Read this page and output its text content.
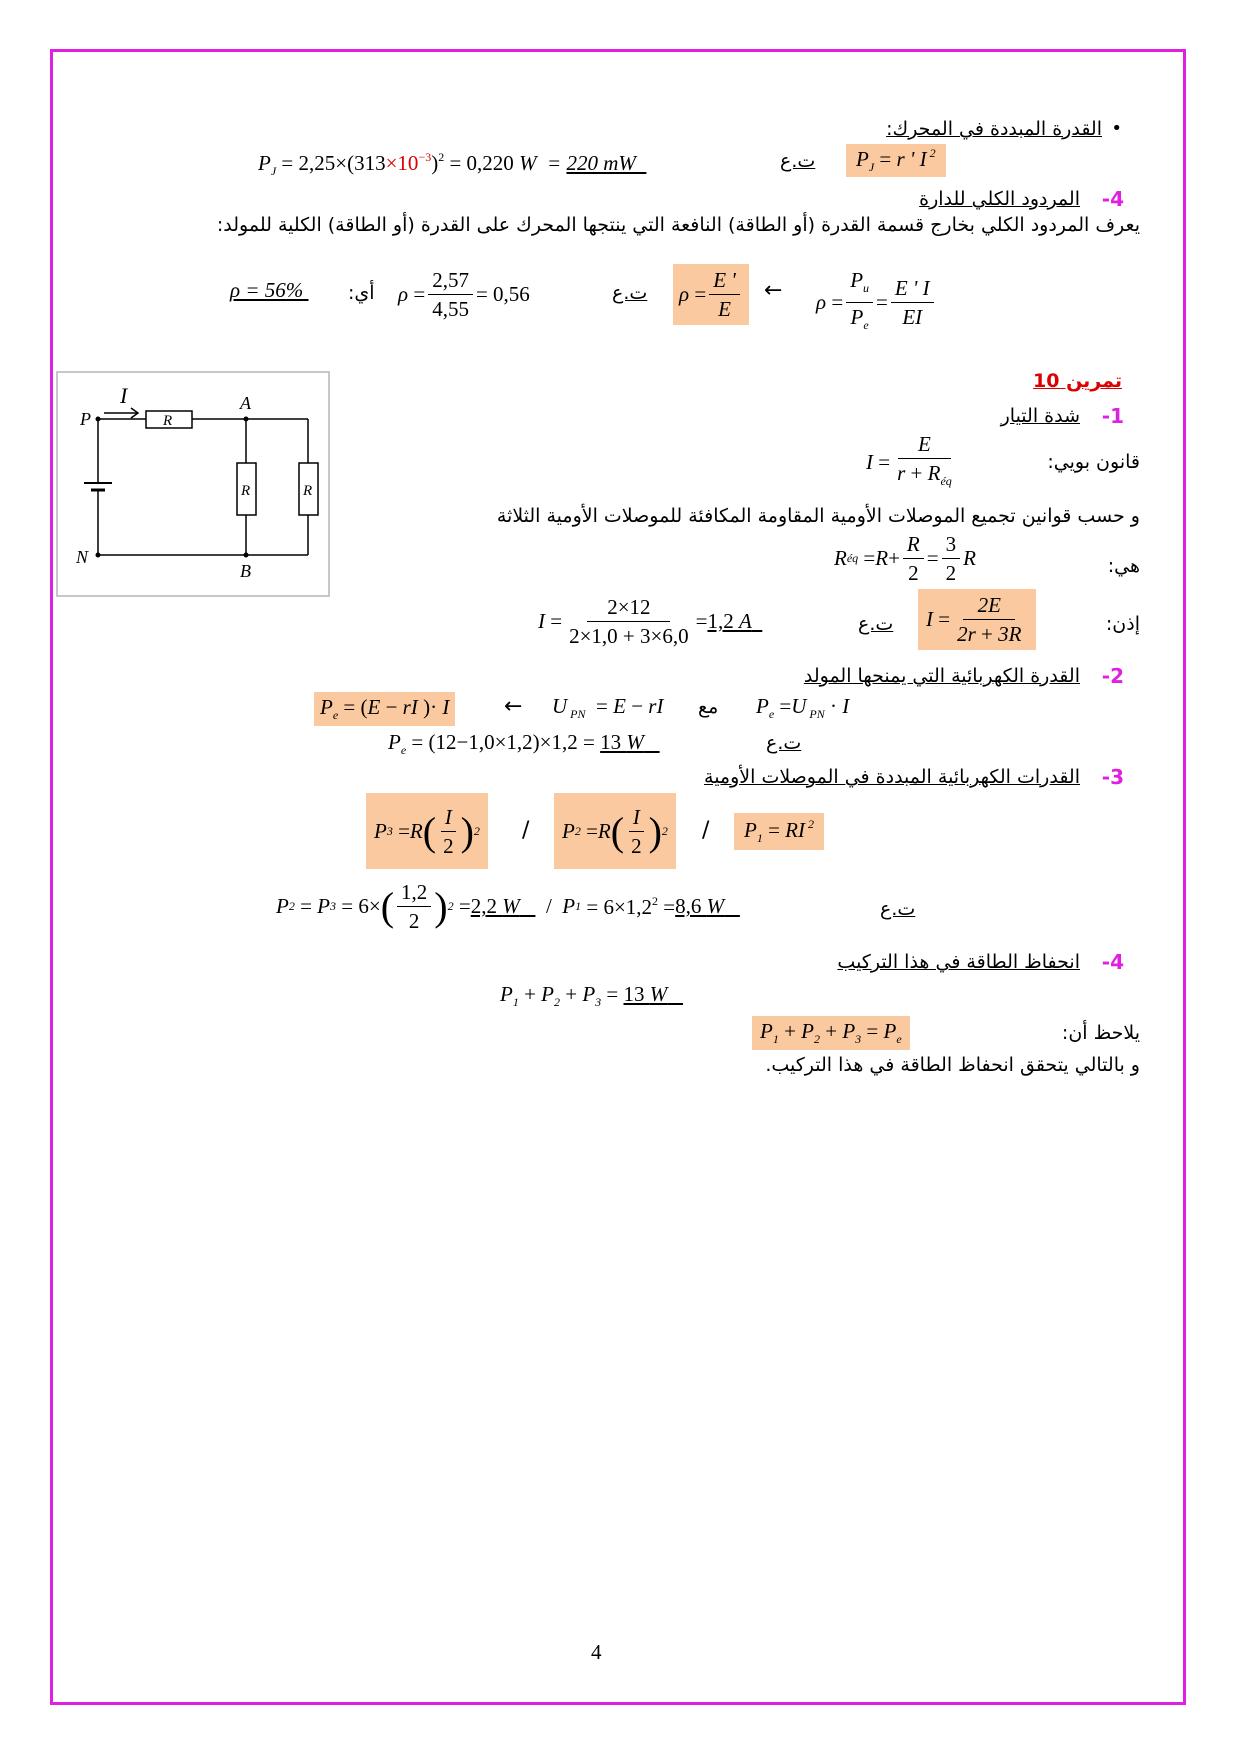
القدرة المبددة في المحرك: •
$P_J = 2,25\times(313\times 10^{-3})^2 = 0,220$ W  = 220 mW	ت.ع	$P_J = r$ ' I $^2$
-4
المردود الكلي للدارة
يعرف المردود الكلي بخارج قسمة القدرة (أو الطاقة) النافعة التي ينتجها المحرك على القدرة (أو الطاقة) الكلية للمولد:
ρ = 56% أي: $\rho = \frac{2,57}{4,55} = 0,56$	ت.ع $\rho = \frac{E '}{E}$ ← $\rho = \frac{P_u}{P_e} = \frac{E ' I}{EI}$
P
N
A
B
I
R
R	R
تمرين 10
-1
شدة التيار
قانون بويي:
$I = \frac{E}{r + R_{éq}}$
و حسب قوانين تجميع الموصلات الأومية المقاومة المكافئة للموصلات الأومية الثلاثة
هي:
R éq = $R + \frac{R}{2} = \frac{3}{2}$ R
إذن:
$I = \frac{2\times 12}{2\times 1,0 + 3\times 6,0} = 1,2$ A	ت.ع	$I = \frac{2E}{2r + 3R}$
-2
القدرة الكهربائية التي يمنحها المولد
$P_e = (E$ − rI )· I ← U $_{PN}$  = E − rI مع $P_e =U$ $_{PN}$ · I
$P_e = (12-1,0\times 1,2)\times 1,2 = 13$ W	ت.ع
-3
القدرات الكهربائية المبددة في الموصلات الأومية
P 3 = R ( $\frac{I}{2}$ ) 2 /	P 2 = R ( $\frac{I}{2}$ ) 2 /	$P_1$ = RI $^2$
P 2 = P 3 = 6× ( $\frac{1,2}{2}$ ) 2 = 2,2 W / P $1 = 6\times 1,2^2 = 8,6$ W	ت.ع
-4
انحفاظ الطاقة في هذا التركيب
$P_1 + P_2 + P_3 = 13$ W
يلاحظ أن:
$P_1 + P_2 + P_3 = P_e$
و بالتالي يتحقق انحفاظ الطاقة في هذا التركيب.
4
